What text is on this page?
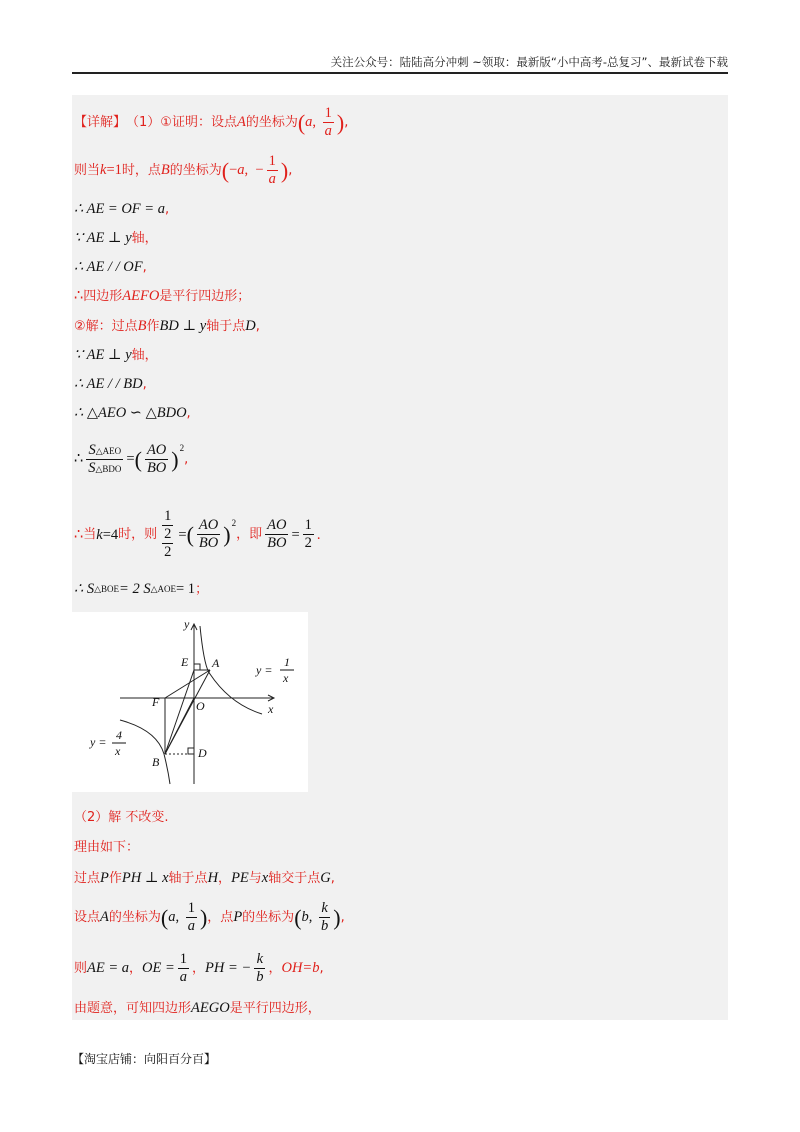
关注公众号：陆陆高分冲刺 ~领取：最新版“小中高考-总复习”、最新试卷下载
【详解】 （1）①证明：设点 A 的坐标为 ( a , $\frac{1}{a}$ ) ,
则当 k =1 时，点 B 的坐标为 ( − a ,  − $\frac{1}{a}$ ) ,
∴ AE = OF = a ,
∵ AE ⊥ y 轴，
∴ AE / / OF ,
∴ 四边形 AEFO 是平行四边形；
②解：过点 B 作 BD ⊥ y 轴于点 D ,
∵ AE ⊥ y 轴，
∴ AE / / BD ,
∴ △AEO ∽ △BDO ,
∴ $\frac{\text{S△AEO}}{\text{S△BDO}}$ = ( $\frac{AO}{BO}$ ) 2
,
∴ 当 k =4 时，则 $\frac{\frac{1}{2}}{2}$ = ( $\frac{AO}{BO}$ ) 2
，即 $\frac{AO}{BO} = \frac{1}{2}$ .
∴ S △BOE = 2 S △AOE = 1 ；
y
E A
F	O	x
B
D
y =
1
x
y = 4
x
（2）解 不改变.
理由如下：
过点 P 作 PH ⊥ x 轴于点 H ， PE 与 x 轴交于点 G ,
设点 A 的坐标为 ( a , $\frac{1}{a}$ ) ，点 P 的坐标为 ( b , $\frac{k}{b}$ ) ,
则 AE = a ， OE = $\frac{1}{a}$ ， PH = − $\frac{k}{b}$ ， OH=b ,
由题意，可知四边形 AEGO 是平行四边形，
【淘宝店铺：向阳百分百】
